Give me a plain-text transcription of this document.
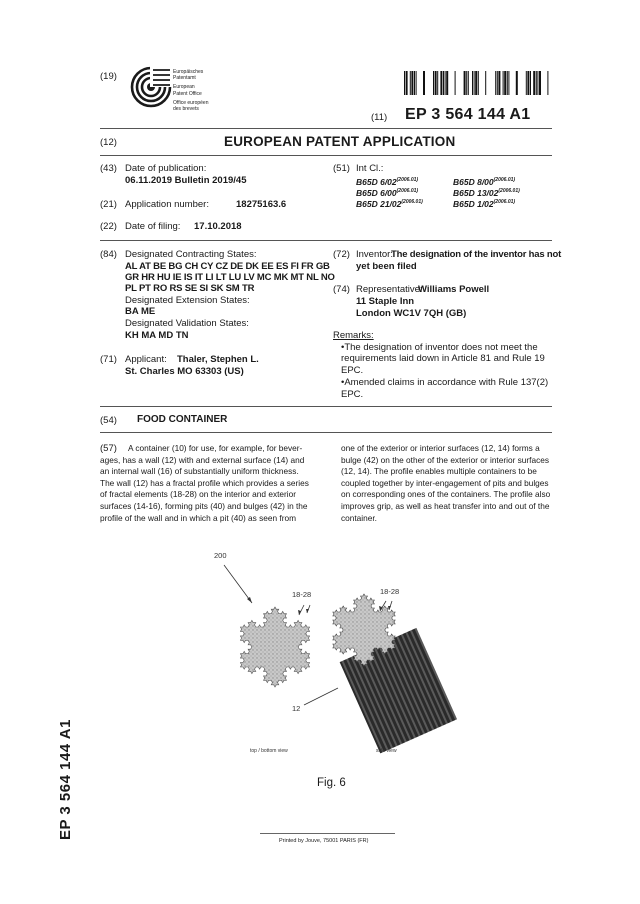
(19)	Europäisches
Patentamt
European
Patent Office
Office européen
des brevets
(11) EP 3 564 144 A1
(12)	EUROPEAN PATENT APPLICATION
(43) Date of publication:
06.11.2019 Bulletin 2019/45
(21) Application number:	18275163.6
(22) Date of filing: 17.10.2018
(51) Int Cl.:
B65D $6/02^{(2006.01)}$	B65D $8/00^{(2006.01)}$
B65D $6/00^{(2006.01)}$	B65D $13/02^{(2006.01)}$
B65D $21/02^{(2006.01)}$	B65D $1/02^{(2006.01)}$
(84) Designated Contracting States:
AL AT BE BG CH CY CZ DE DK EE ES FI FR GB
GR HR HU IE IS IT LI LT LU LV MC MK MT NL NO
PL PT RO RS SE SI SK SM TR
Designated Extension States:
BA ME
Designated Validation States:
KH MA MD TN
(71) Applicant: Thaler, Stephen L.
St. Charles MO 63303 (US)
(72) Inventor:
The designation of the inventor has not
yet been filed
(74) Representative:
Williams Powell
11 Staple Inn
London WC1V 7QH (GB)
Remarks:
•The designation of inventor does not meet the
requirements laid down in Article 81 and Rule 19
EPC.
•Amended claims in accordance with Rule 137(2)
EPC.
(54) FOOD CONTAINER
(57)	A container (10) for use, for example, for bever-

ages, has a wall (12) with and external surface (14) and

an internal wall (16) of substantially uniform thickness.

The wall (12) has a fractal profile which provides a series

of fractal elements (18-28) on the interior and exterior

surfaces (14-16), forming pits (40) and bulges (42) in the

profile of the wall and in which a pit (40) as seen from

one of the exterior or interior surfaces (12, 14) forms a

bulge (42) on the other of the exterior or interior surfaces

(12, 14). The profile enables multiple containers to be

coupled together by inter-engagement of pits and bulges

on corresponding ones of the containers. The profile also

improves grip, as well as heat transfer into and out of the

container.

200
18-28	18-28
12
top / bottom view	side view
Fig. 6
EP 3 564 144 A1
Printed by Jouve, 75001 PARIS (FR)
